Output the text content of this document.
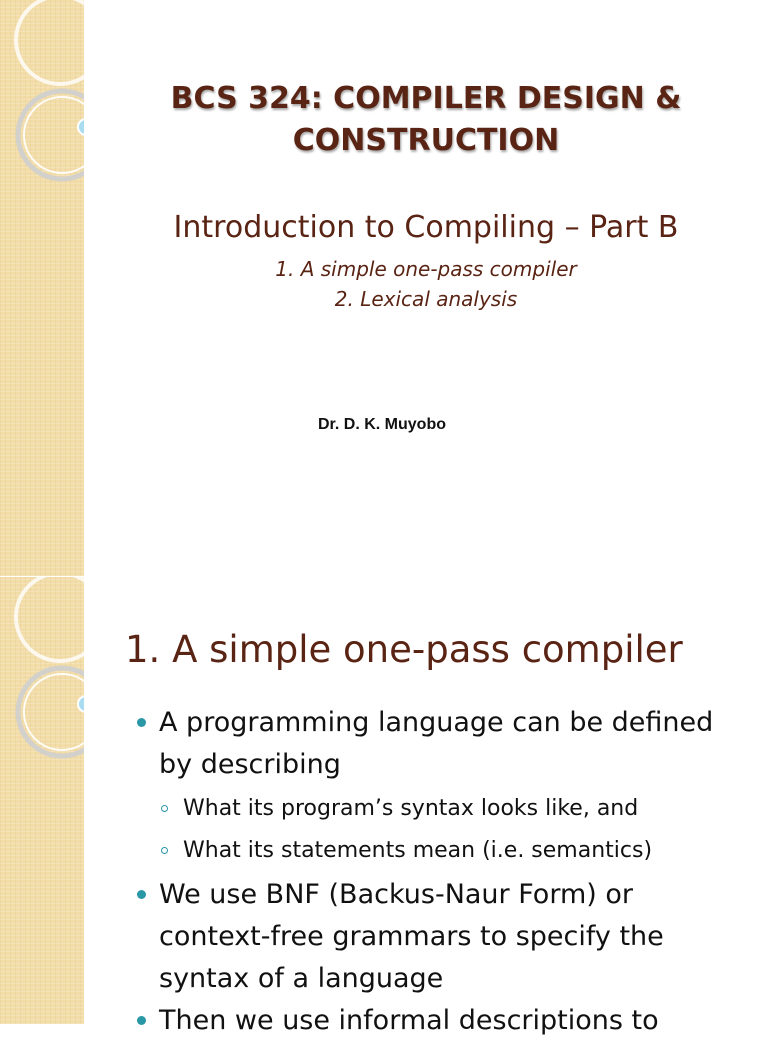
BCS 324: COMPILER DESIGN &
CONSTRUCTION
Introduction to Compiling – Part B
1. A simple one-pass compiler
2. Lexical analysis
Dr. D. K. Muyobo
1. A simple one-pass compiler
A programming language can be defined
by describing
What its program’s syntax looks like, and
What its statements mean (i.e. semantics)
We use BNF (Backus-Naur Form) or
context-free grammars to specify the
syntax of a language
Then we use informal descriptions to
